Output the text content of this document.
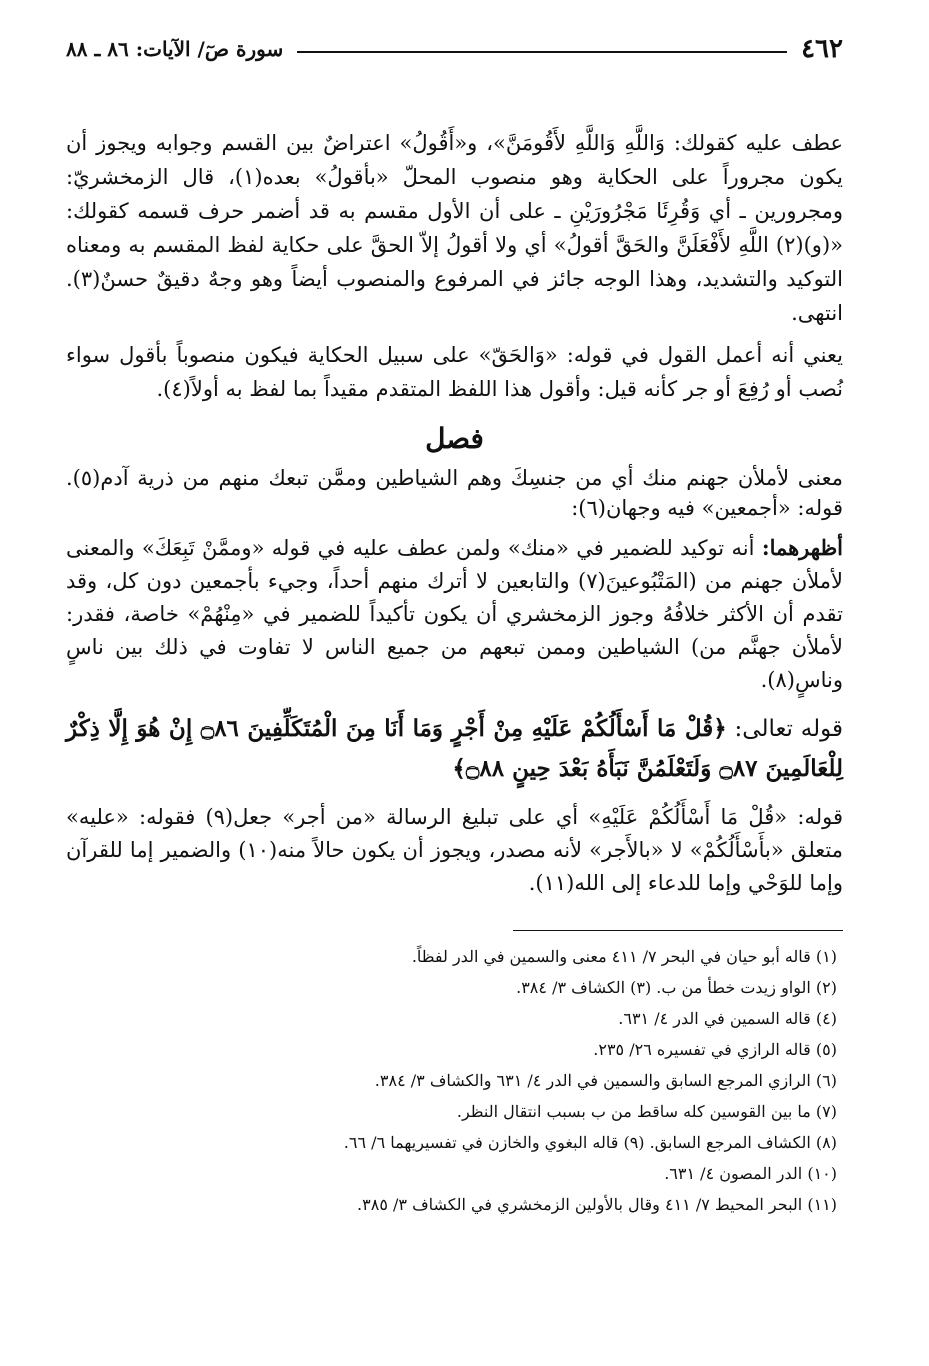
٤٦٢
سورة صٓ/ الآيات: ٨٦ ـ ٨٨

عطف عليه كقولك: وَاللَّهِ وَاللَّهِ لأَقُومَنَّ»، و«أَقُولُ» اعتراضٌ بين القسم وجوابه ويجوز أن يكون مجروراً على الحكاية وهو منصوب المحلّ «بأقولُ» بعده(١)، قال الزمخشريّ: ومجرورين ـ أي وَقُرِئَا مَجْرُورَيْنِ ـ على أن الأول مقسم به قد أضمر حرف قسمه كقولك: «(و)(٢) اللَّهِ لأَفْعَلَنَّ والحَقَّ أقولُ» أي ولا أقولُ إلاّ الحقَّ على حكاية لفظ المقسم به ومعناه التوكيد والتشديد، وهذا الوجه جائز في المرفوع والمنصوب أيضاً وهو وجهٌ دقيقٌ حسنٌ(٣). انتهى.

يعني أنه أعمل القول في قوله: «وَالحَقّ» على سبيل الحكاية فيكون منصوباً بأقول سواء نُصب أو رُفِعَ أو جر كأنه قيل: وأقول هذا اللفظ المتقدم مقيداً بما لفظ به أولاً(٤).

فصل

معنى لأملأن جهنم منك أي من جنسِكَ وهم الشياطين وممَّن تبعك منهم من ذرية آدم(٥). قوله: «أجمعين» فيه وجهان(٦):

أظهرهما: أنه توكيد للضمير في «منك» ولمن عطف عليه في قوله «وممَّنْ تَبِعَكَ» والمعنى لأملأن جهنم من (المَتْبُوعينَ(٧) والتابعين لا أترك منهم أحداً، وجيء بأجمعين دون كل، وقد تقدم أن الأكثر خلافُهُ وجوز الزمخشري أن يكون تأكيداً للضمير في «مِنْهُمْ» خاصة، فقدر: لأملأن جهنَّم من) الشياطين وممن تبعهم من جميع الناس لا تفاوت في ذلك بين ناسٍ وناسٍ(٨).

قوله تعالى: ﴿قُلْ مَا أَسْأَلُكُمْ عَلَيْهِ مِنْ أَجْرٍ وَمَا أَنَا مِنَ الْمُتَكَلِّفِينَ ۝٨٦ إِنْ هُوَ إِلَّا ذِكْرٌ لِلْعَالَمِينَ ۝٨٧ وَلَتَعْلَمُنَّ نَبَأَهُ بَعْدَ حِينٍ ۝٨٨﴾

قوله: «قُلْ مَا أَسْأَلُكُمْ عَلَيْهِ» أي على تبليغ الرسالة «من أجر» جعل(٩) فقوله: «عليه» متعلق «بأَسْأَلُكُمْ» لا «بالأَجر» لأنه مصدر، ويجوز أن يكون حالاً منه(١٠) والضمير إما للقرآن وإما للوَحْي وإما للدعاء إلى الله(١١).

(١) قاله أبو حيان في البحر ٧/ ٤١١ معنى والسمين في الدر لفظاً.
(٢) الواو زيدت خطأ من ب. (٣) الكشاف ٣/ ٣٨٤.
(٤) قاله السمين في الدر ٤/ ٦٣١.
(٥) قاله الرازي في تفسيره ٢٦/ ٢٣٥.
(٦) الرازي المرجع السابق والسمين في الدر ٤/ ٦٣١ والكشاف ٣/ ٣٨٤.
(٧) ما بين القوسين كله ساقط من ب بسبب انتقال النظر.
(٨) الكشاف المرجع السابق. (٩) قاله البغوي والخازن في تفسيريهما ٦/ ٦٦.
(١٠) الدر المصون ٤/ ٦٣١.
(١١) البحر المحيط ٧/ ٤١١ وقال بالأولين الزمخشري في الكشاف ٣/ ٣٨٥.
